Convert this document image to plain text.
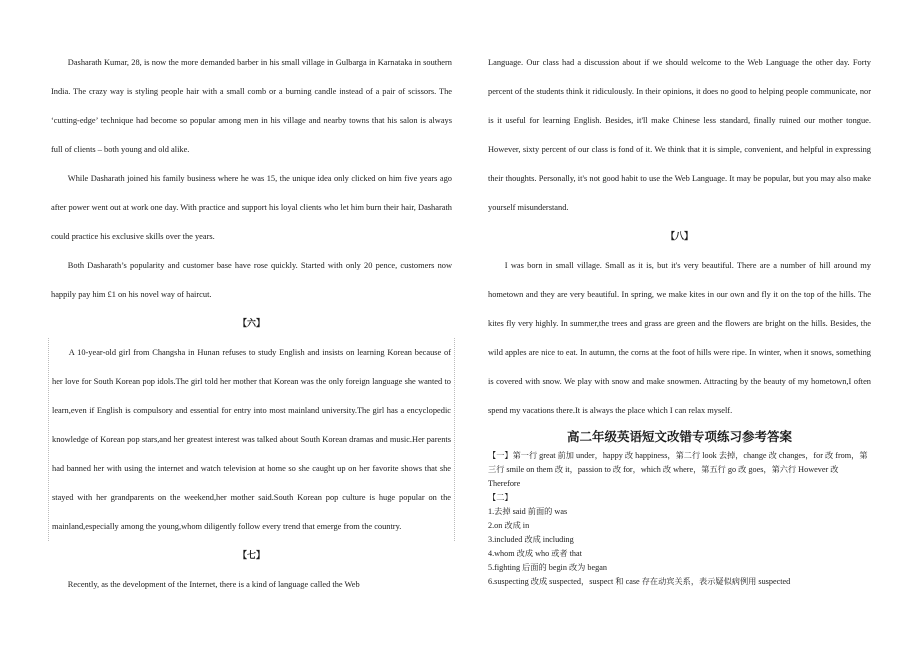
Dasharath Kumar, 28, is now the more demanded barber in his small village in Gulbarga in Karnataka in southern India. The crazy way is styling people hair with a small comb or a burning candle instead of a pair of scissors. The ‘cutting-edge’ technique had become so popular among men in his village and nearby towns that his salon is always full of clients – both young and old alike.

While Dasharath joined his family business where he was 15, the unique idea only clicked on him five years ago after power went out at work one day. With practice and support his loyal clients who let him burn their hair, Dasharath could practice his exclusive skills over the years.

Both Dasharath’s popularity and customer base have rose quickly. Started with only 20 pence, customers now happily pay him £1 on his novel way of haircut.

【六】

A 10-year-old girl from Changsha in Hunan refuses to study English and insists on learning Korean because of her love for South Korean pop idols.The girl told her mother that Korean was the only foreign language she wanted to learn,even if English is compulsory and essential for entry into most mainland university.The girl has a encyclopedic knowledge of Korean pop stars,and her greatest interest was talked about South Korean dramas and music.Her parents had banned her with using the internet and watch television at home so she caught up on her favorite shows that she stayed with her grandparents on the weekend,her mother said.South Korean pop culture is huge popular on the mainland,especially among the young,whom diligently follow every trend that emerge from the country.

【七】

Recently, as the development of the Internet, there is a kind of language called the Web

Language. Our class had a discussion about if we should welcome to the Web Language the other day. Forty percent of the students think it ridiculously. In their opinions, it does no good to helping people communicate, nor is it useful for learning English. Besides, it'll make Chinese less standard, finally ruined our mother tongue. However, sixty percent of our class is fond of it. We think that it is simple, convenient, and helpful in expressing their thoughts. Personally, it's not good habit to use the Web Language. It may be popular, but you may also make yourself misunderstand.

【八】

I was born in small village. Small as it is, but it's very beautiful. There are a number of hill around my hometown and they are very beautiful. In spring, we make kites in our own and fly it on the top of the hills. The kites fly very highly. In summer,the trees and grass are green and the flowers are bright on the hills. Besides, the wild apples are nice to eat. In autumn, the corns at the foot of hills were ripe. In winter, when it snows, something is covered with snow. We play with snow and make snowmen. Attracting by the beauty of my hometown,I often spend my vacations there.It is always the place which I can relax myself.

高二年级英语短文改错专项练习参考答案

【一】第一行 great 前加 under，happy 改 happiness，第二行 look 去掉，change 改 changes，for 改 from，第三行 smile on them 改 it，passion to 改 for，which 改 where，第五行 go 改 goes，第六行 However 改 Therefore

【二】

1.去掉 said 前面的 was
2.on 改成 in
3.included 改成 including
4.whom 改成 who 或者 that
5.fighting 后面的 begin 改为 began
6.suspecting 改成 suspected，suspect 和 case 存在动宾关系，表示疑似病例用 suspected
